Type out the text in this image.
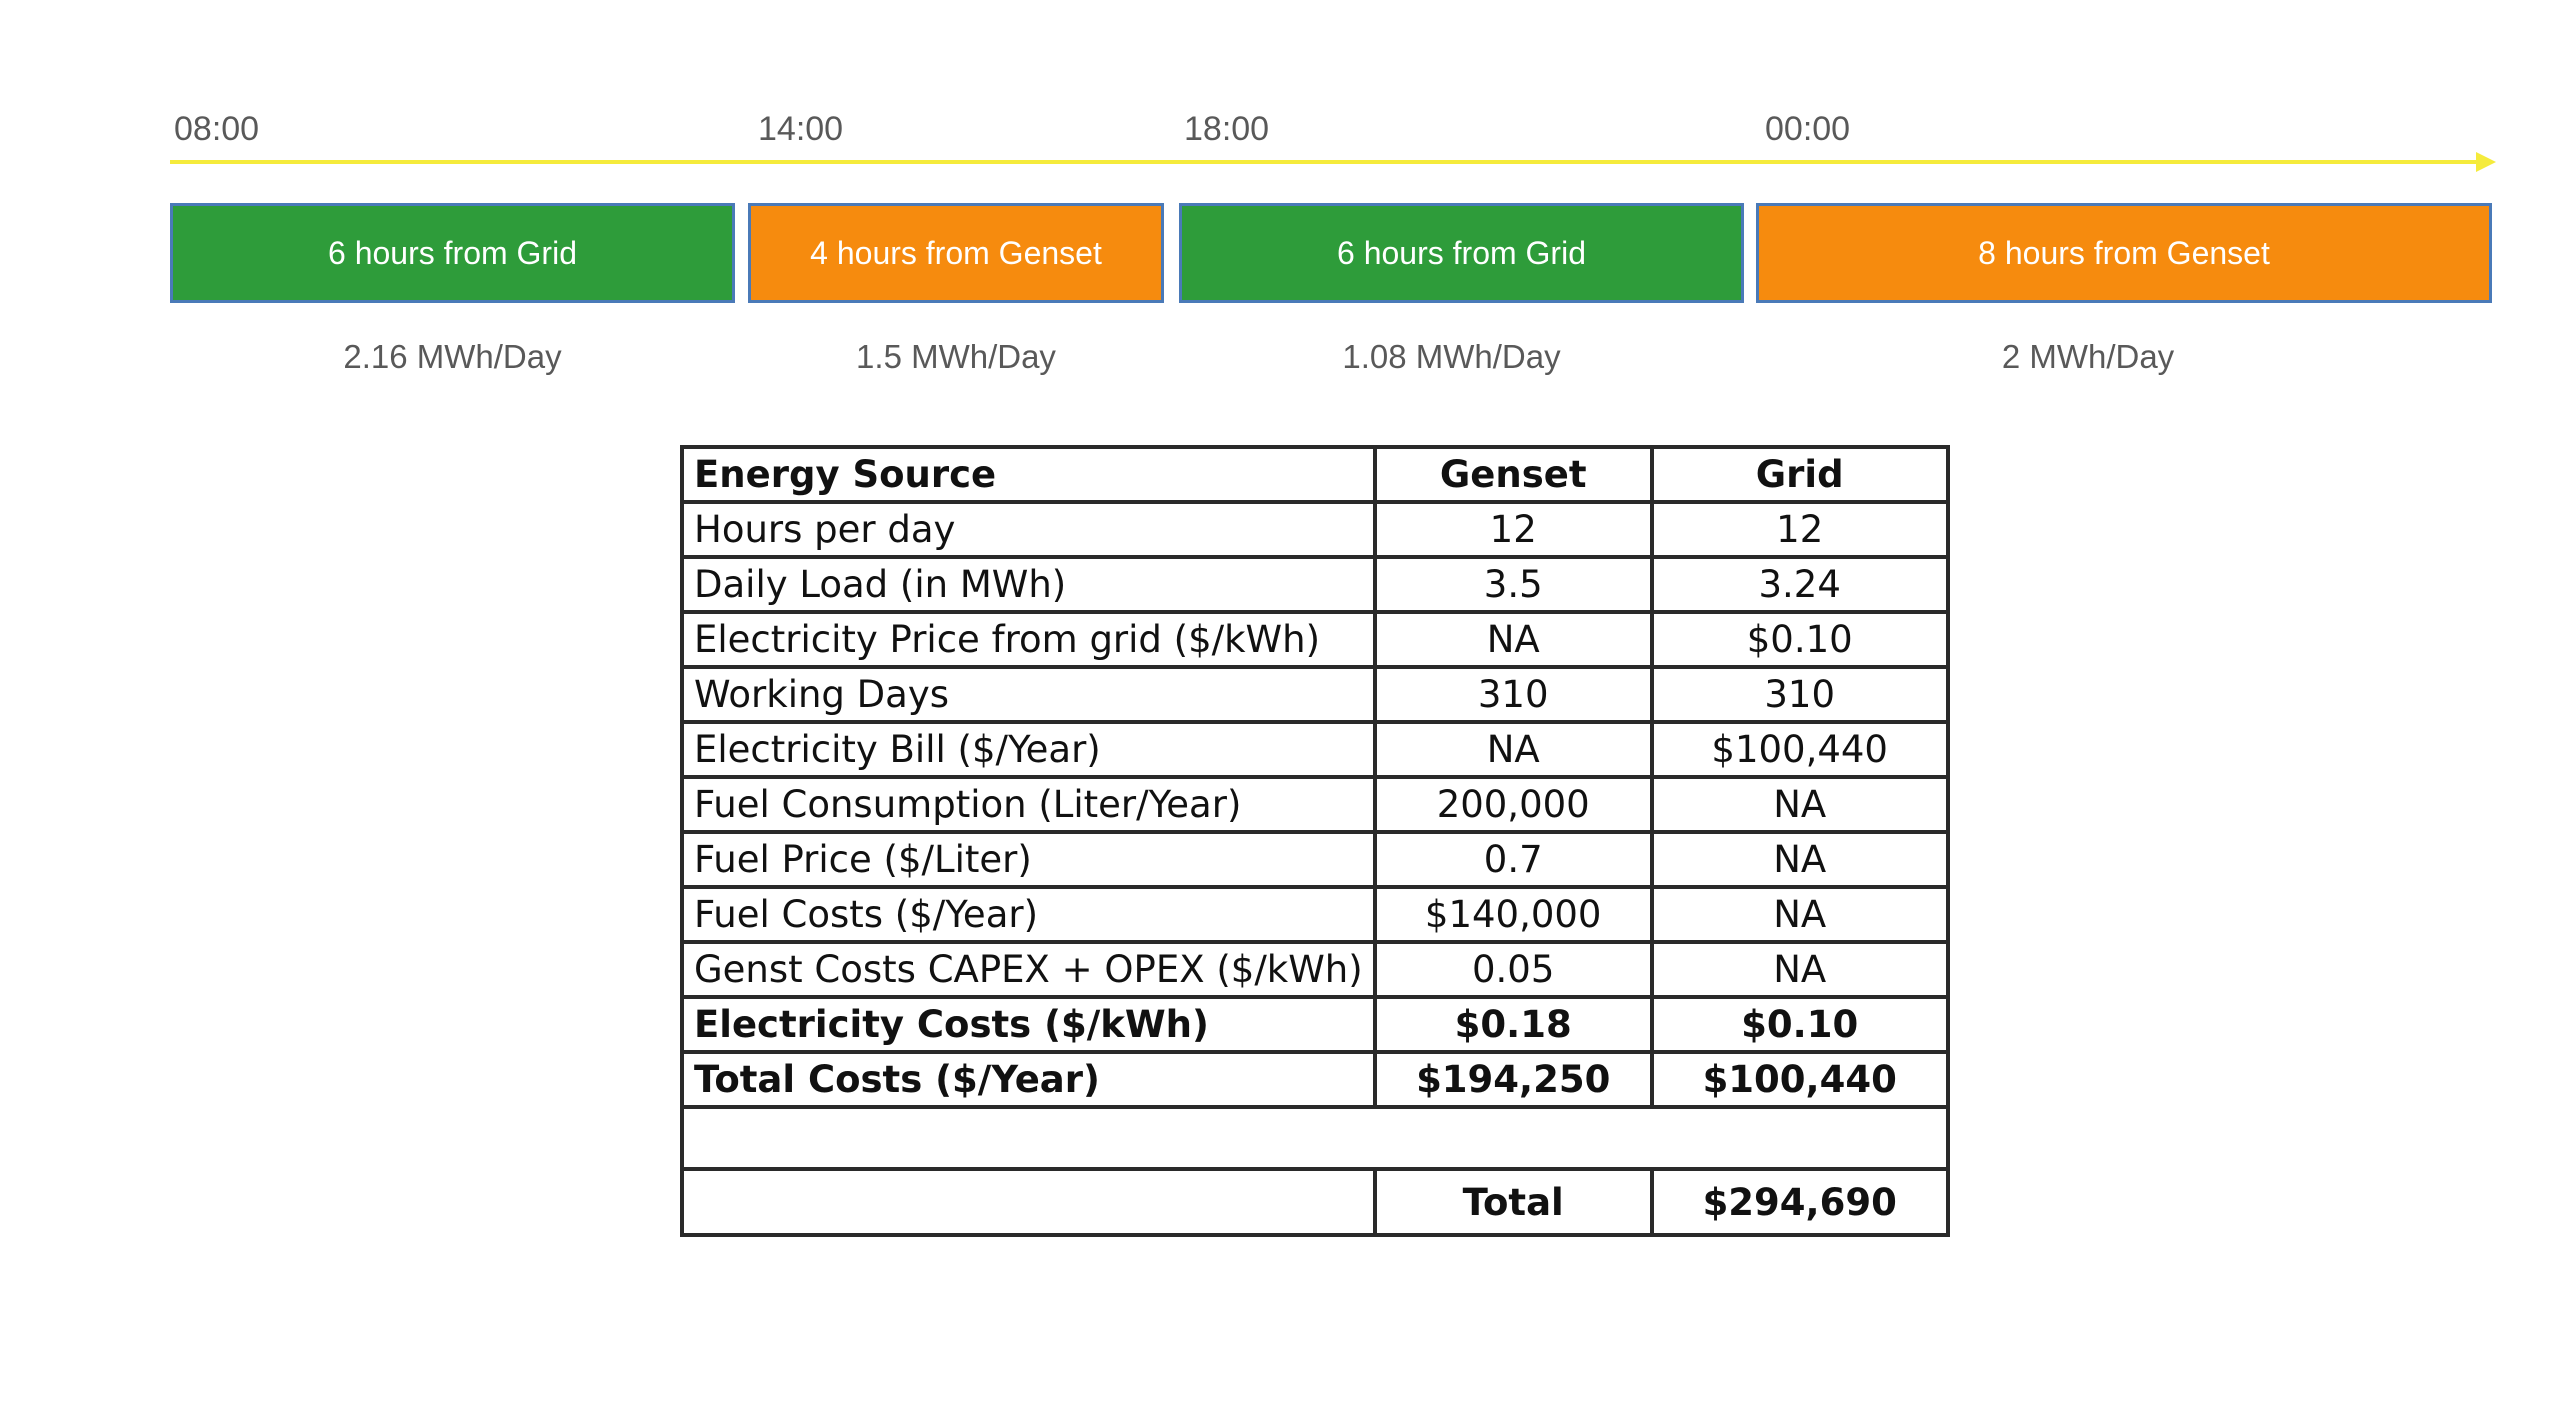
08:00	14:00	18:00	00:00
6 hours from Grid	4 hours from Genset	6 hours from Grid	8 hours from Genset
2.16 MWh/Day	1.5 MWh/Day	1.08 MWh/Day	2 MWh/Day
Energy Source	Genset	Grid
Hours per day	12	12
Daily Load (in MWh)	3.5	3.24
Electricity Price from grid ($/kWh)	NA	$0.10
Working Days	310	310
Electricity Bill ($/Year)	NA	$100,440
Fuel Consumption (Liter/Year)	200,000	NA
Fuel Price ($/Liter)	0.7	NA
Fuel Costs ($/Year)	$140,000	NA
Genst Costs CAPEX + OPEX ($/kWh)	0.05	NA
Electricity Costs ($/kWh)	$0.18	$0.10
Total Costs ($/Year)	$194,250	$100,440

	Total	$294,690
